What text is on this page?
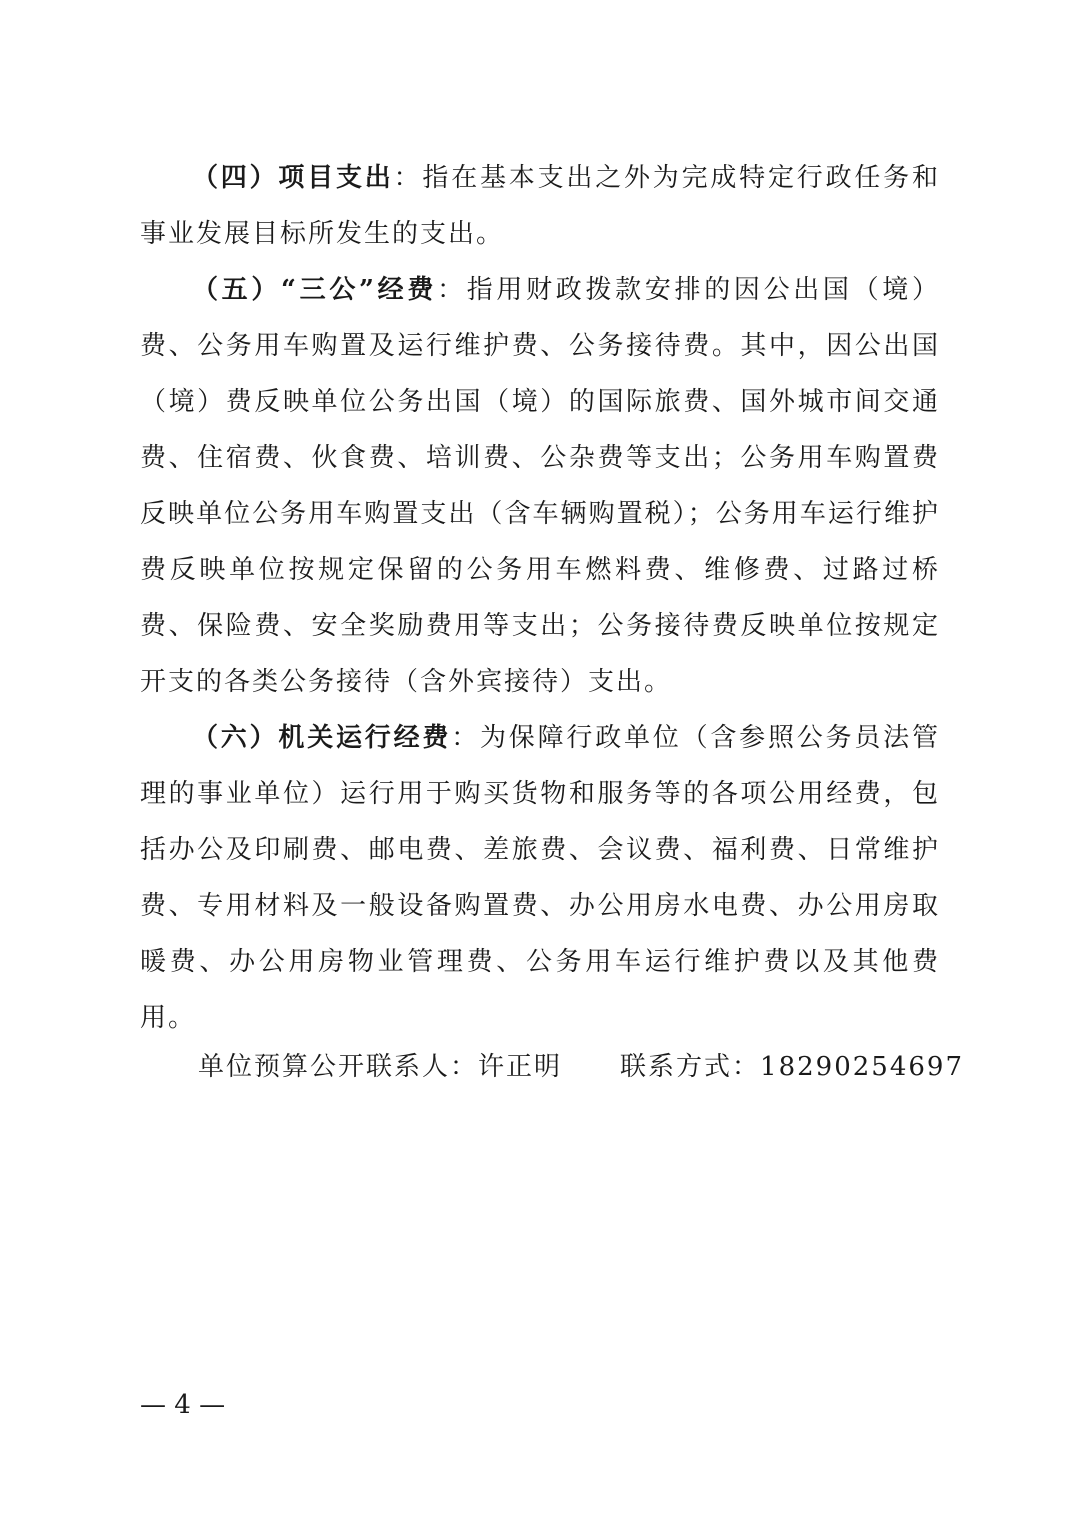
（四）项目支出：指在基本支出之外为完成特定行政任务和事业发展目标所发生的支出。

（五）“三公”经费：指用财政拨款安排的因公出国（境）费、公务用车购置及运行维护费、公务接待费。其中，因公出国（境）费反映单位公务出国（境）的国际旅费、国外城市间交通费、住宿费、伙食费、培训费、公杂费等支出；公务用车购置费反映单位公务用车购置支出（含车辆购置税）；公务用车运行维护费反映单位按规定保留的公务用车燃料费、维修费、过路过桥费、保险费、安全奖励费用等支出；公务接待费反映单位按规定开支的各类公务接待（含外宾接待）支出。

（六）机关运行经费：为保障行政单位（含参照公务员法管理的事业单位）运行用于购买货物和服务等的各项公用经费，包括办公及印刷费、邮电费、差旅费、会议费、福利费、日常维护费、专用材料及一般设备购置费、办公用房水电费、办公用房取暖费、办公用房物业管理费、公务用车运行维护费以及其他费用。

单位预算公开联系人：许正明 联系方式：18290254697
— 4 —
